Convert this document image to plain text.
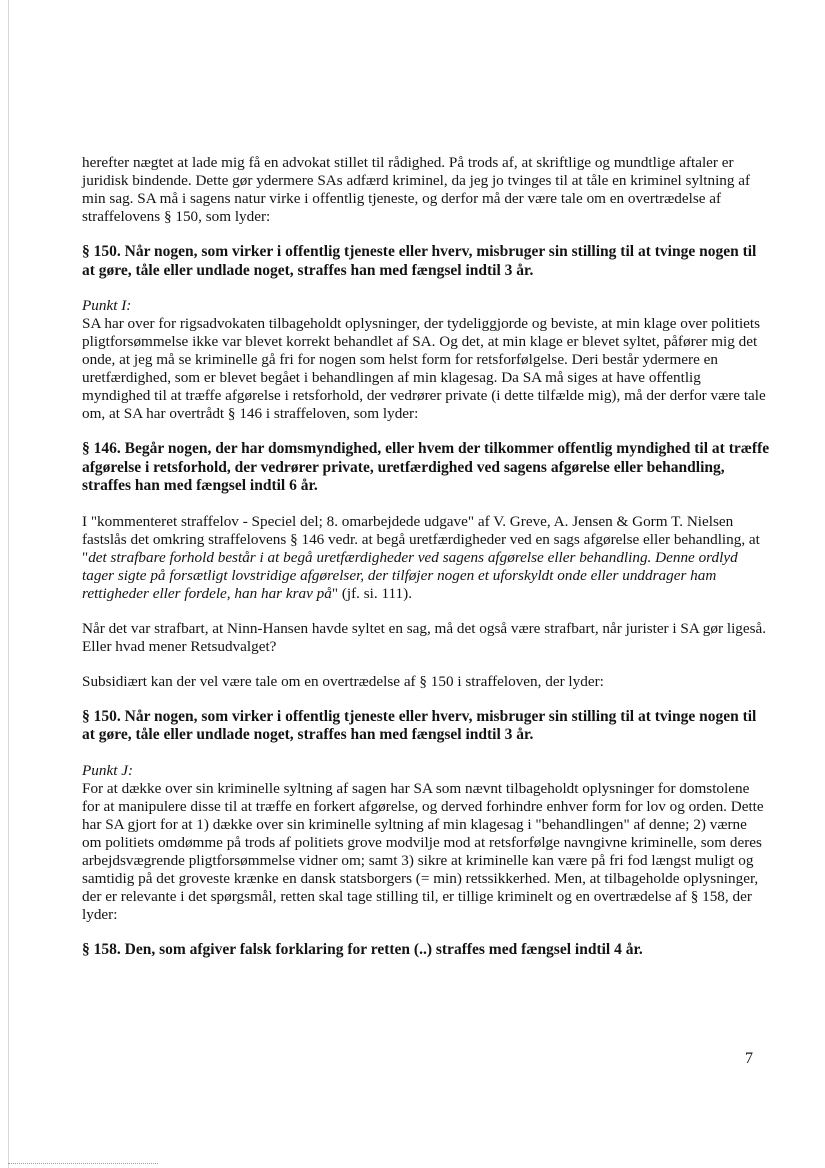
herefter nægtet at lade mig få en advokat stillet til rådighed. På trods af, at skriftlige og mundtlige aftaler er juridisk bindende. Dette gør ydermere SAs adfærd kriminel, da jeg jo tvinges til at tåle en kriminel syltning af min sag. SA må i sagens natur virke i offentlig tjeneste, og derfor må der være tale om en overtrædelse af straffelovens § 150, som lyder:

§ 150. Når nogen, som virker i offentlig tjeneste eller hverv, misbruger sin stilling til at tvinge nogen til at gøre, tåle eller undlade noget, straffes han med fængsel indtil 3 år.

Punkt I:
SA har over for rigsadvokaten tilbageholdt oplysninger, der tydeliggjorde og beviste, at min klage over politiets pligtforsømmelse ikke var blevet korrekt behandlet af SA. Og det, at min klage er blevet syltet, påfører mig det onde, at jeg må se kriminelle gå fri for nogen som helst form for retsforfølgelse. Deri består ydermere en uretfærdighed, som er blevet begået i behandlingen af min klagesag. Da SA må siges at have offentlig myndighed til at træffe afgørelse i retsforhold, der vedrører private (i dette tilfælde mig), må der derfor være tale om, at SA har overtrådt § 146 i straffeloven, som lyder:

§ 146. Begår nogen, der har domsmyndighed, eller hvem der tilkommer offentlig myndighed til at træffe afgørelse i retsforhold, der vedrører private, uretfærdighed ved sagens afgørelse eller behandling, straffes han med fængsel indtil 6 år.

I "kommenteret straffelov - Speciel del; 8. omarbejdede udgave" af V. Greve, A. Jensen & Gorm T. Nielsen fastslås det omkring straffelovens § 146 vedr. at begå uretfærdigheder ved en sags afgørelse eller behandling, at "det strafbare forhold består i at begå uretfærdigheder ved sagens afgørelse eller behandling. Denne ordlyd tager sigte på forsætligt lovstridige afgørelser, der tilføjer nogen et uforskyldt onde eller unddrager ham rettigheder eller fordele, han har krav på" (jf. si. 111).

Når det var strafbart, at Ninn-Hansen havde syltet en sag, må det også være strafbart, når jurister i SA gør ligeså. Eller hvad mener Retsudvalget?

Subsidiært kan der vel være tale om en overtrædelse af § 150 i straffeloven, der lyder:

§ 150. Når nogen, som virker i offentlig tjeneste eller hverv, misbruger sin stilling til at tvinge nogen til at gøre, tåle eller undlade noget, straffes han med fængsel indtil 3 år.

Punkt J:
For at dække over sin kriminelle syltning af sagen har SA som nævnt tilbageholdt oplysninger for domstolene for at manipulere disse til at træffe en forkert afgørelse, og derved forhindre enhver form for lov og orden. Dette har SA gjort for at 1) dække over sin kriminelle syltning af min klagesag i "behandlingen" af denne; 2) værne om politiets omdømme på trods af politiets grove modvilje mod at retsforfølge navngivne kriminelle, som deres arbejdsvægrende pligtforsømmelse vidner om; samt 3) sikre at kriminelle kan være på fri fod længst muligt og samtidig på det groveste krænke en dansk statsborgers (= min) retssikkerhed. Men, at tilbageholde oplysninger, der er relevante i det spørgsmål, retten skal tage stilling til, er tillige kriminelt og en overtrædelse af § 158, der lyder:

§ 158. Den, som afgiver falsk forklaring for retten (..) straffes med fængsel indtil 4 år.

7
